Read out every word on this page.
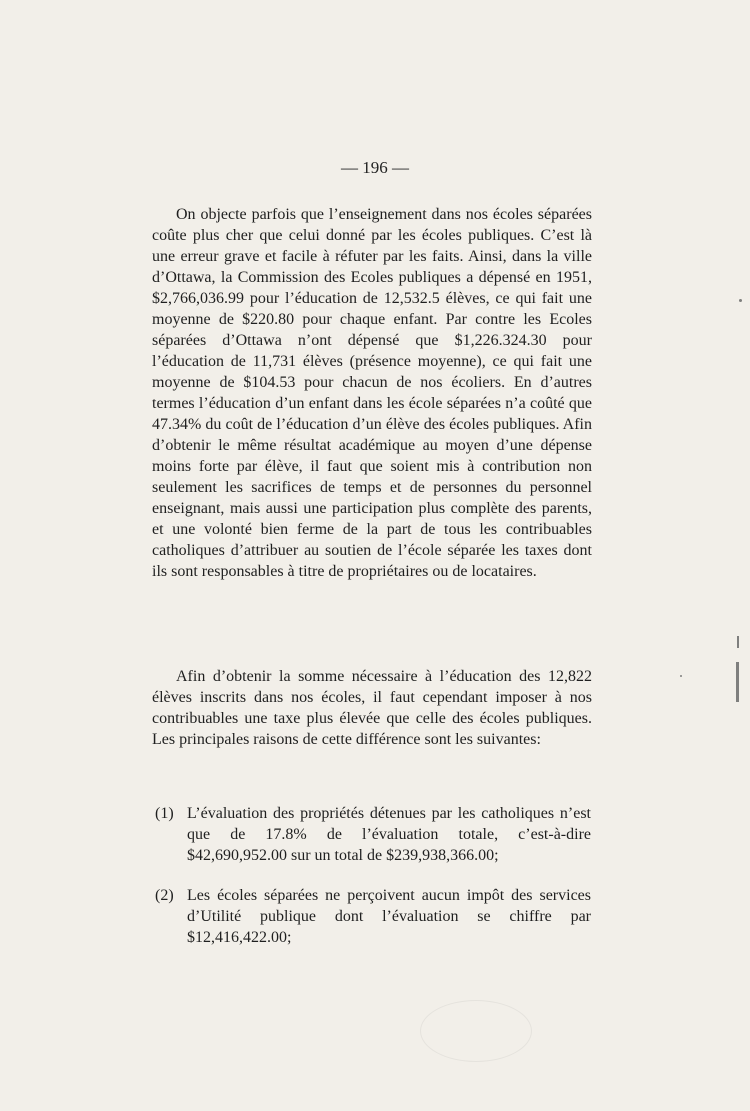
— 196 —

On objecte parfois que l’enseignement dans nos écoles séparées coûte plus cher que celui donné par les écoles publiques. C’est là une erreur grave et facile à réfuter par les faits. Ainsi, dans la ville d’Ottawa, la Commission des Ecoles publiques a dépensé en 1951, $2,766,036.99 pour l’éducation de 12,532.5 élèves, ce qui fait une moyenne de $220.80 pour chaque enfant. Par contre les Ecoles séparées d’Ottawa n’ont dépensé que $1,226.324.30 pour l’éducation de 11,731 élèves (présence moyenne), ce qui fait une moyenne de $104.53 pour chacun de nos écoliers. En d’autres termes l’éducation d’un enfant dans les école séparées n’a coûté que 47.34% du coût de l’éducation d’un élève des écoles publiques. Afin d’obtenir le même résultat académique au moyen d’une dépense moins forte par élève, il faut que soient mis à contribution non seulement les sacrifices de temps et de personnes du personnel enseignant, mais aussi une participation plus complète des parents, et une volonté bien ferme de la part de tous les contribuables catholiques d’attribuer au soutien de l’école séparée les taxes dont ils sont responsables à titre de propriétaires ou de locataires.

Afin d’obtenir la somme nécessaire à l’éducation des 12,822 élèves inscrits dans nos écoles, il faut cependant imposer à nos contribuables une taxe plus élevée que celle des écoles publiques. Les principales raisons de cette différence sont les suivantes:

(1) L’évaluation des propriétés détenues par les catholiques n’est que de 17.8% de l’évaluation totale, c’est-à-dire $42,690,952.00 sur un total de $239,938,366.00;
(2) Les écoles séparées ne perçoivent aucun impôt des services d’Utilité publique dont l’évaluation se chiffre par $12,416,422.00;
